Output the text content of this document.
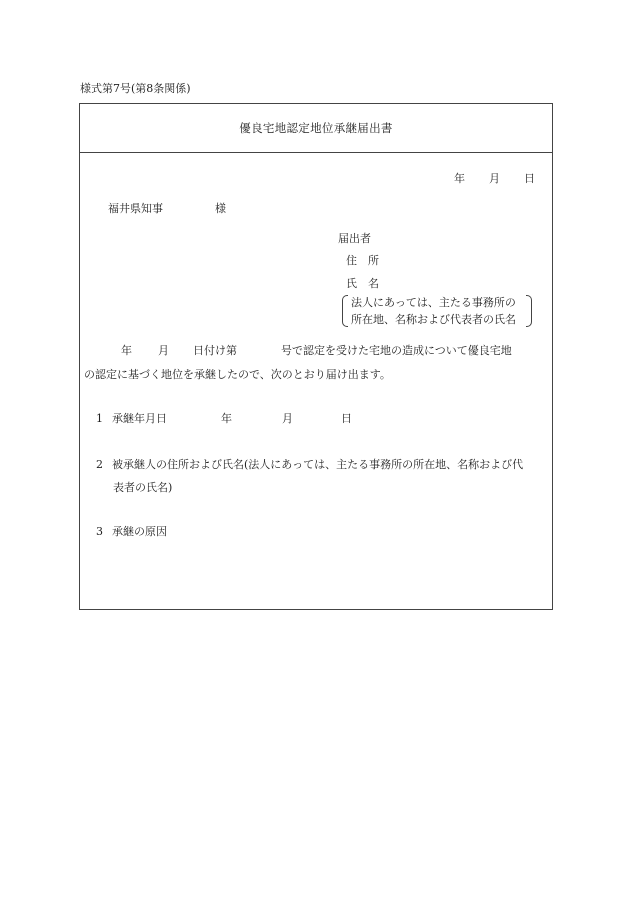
様式第7号(第8条関係)
優良宅地認定地位承継届出書
年 月 日
福井県知事	様
届出者
住　所
氏　名
法人にあっては、主たる事務所の
所在地、名称および代表者の氏名
年 月 日付け第	号で認定を受けた宅地の造成について優良宅地
の認定に基づく地位を承継したので、次のとおり届け出ます。
1 承継年月日	年	月	日
2 被承継人の住所および氏名(法人にあっては、主たる事務所の所在地、名称および代
表者の氏名)
3 承継の原因
